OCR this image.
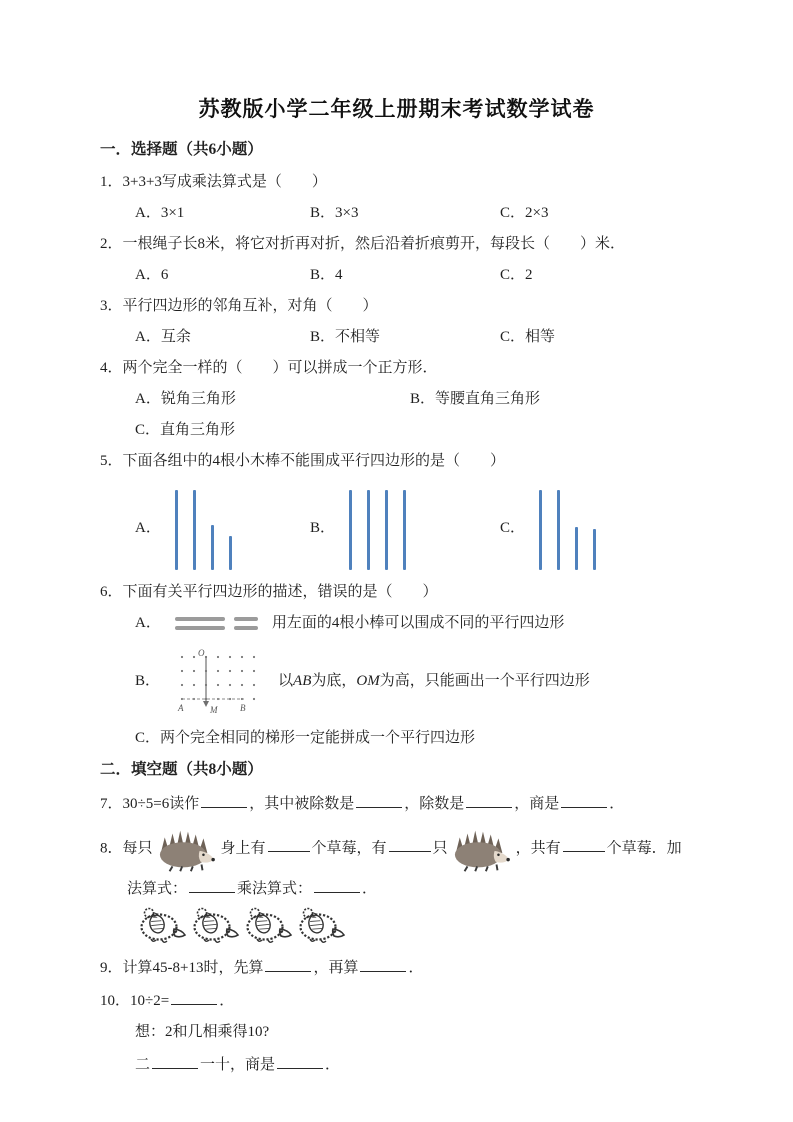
苏教版小学二年级上册期末考试数学试卷
一．选择题（共6小题）
1．3+3+3写成乘法算式是（　　）
A．3×1	B．3×3	C．2×3
2．一根绳子长8米，将它对折再对折，然后沿着折痕剪开，每段长（　　）米．
A．6	B．4	C．2
3．平行四边形的邻角互补，对角（　　）
A．互余	B．不相等	C．相等
4．两个完全一样的（　　）可以拼成一个正方形．
A．锐角三角形	B．等腰直角三角形
C．直角三角形
5．下面各组中的4根小木棒不能围成平行四边形的是（　　）
A．	B．	C．
6．下面有关平行四边形的描述，错误的是（　　）
A．	用左面的4根小棒可以围成不同的平行四边形
B．
O
A	M	B
以AB为底，OM为高，只能画出一个平行四边形
C．两个完全相同的梯形一定能拼成一个平行四边形
二．填空题（共8小题）
7．30÷5=6读作	，其中被除数是	，除数是	，商是	．
8．每只	身上有	个草莓，有	只	，共有	个草莓．加
法算式：	乘法算式：	．
9．计算45-8+13时，先算	，再算	．
10．10÷2=	．
想：2和几相乘得10?
二	一十，商是	．
